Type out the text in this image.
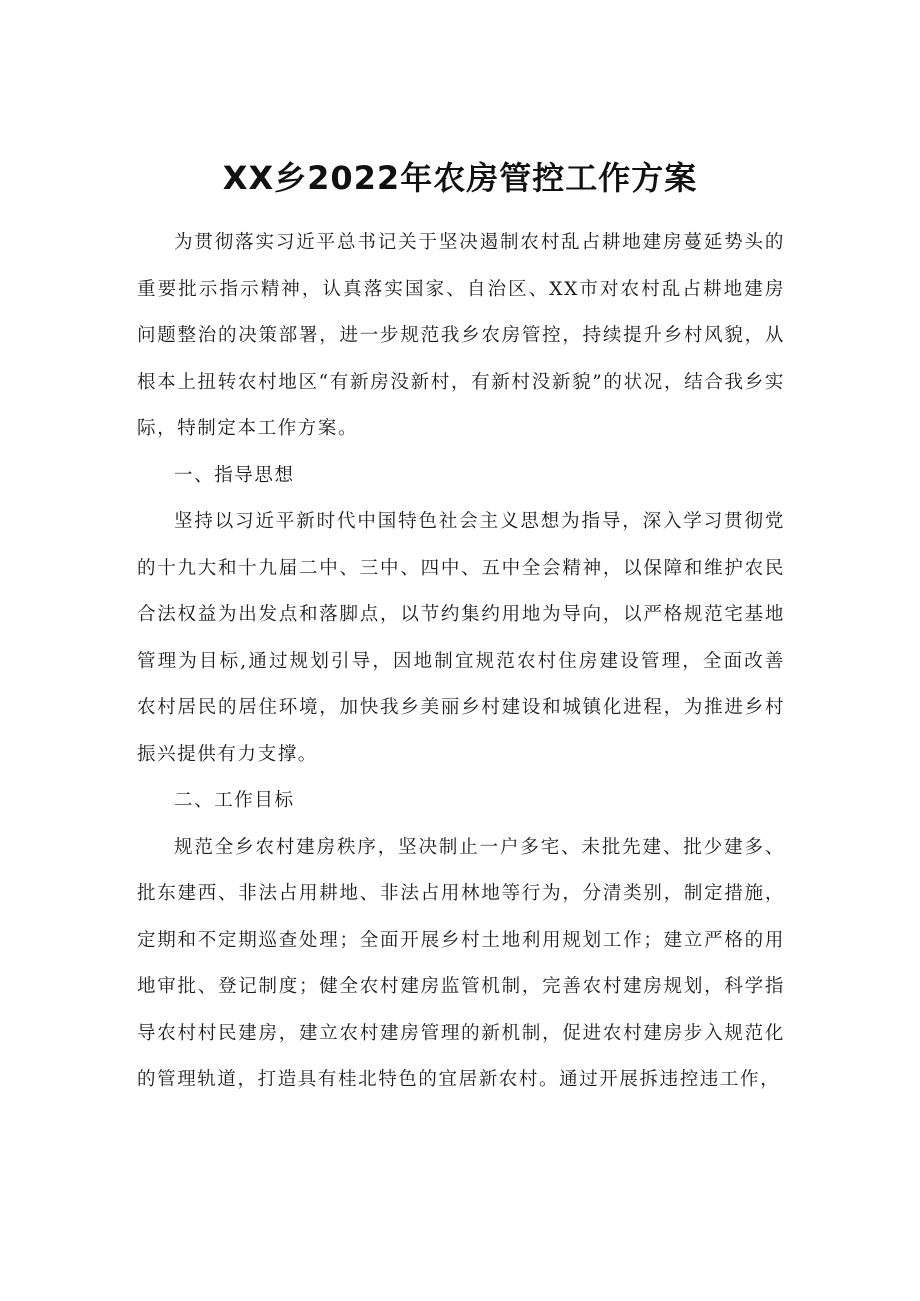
XX乡2022年农房管控工作方案

为贯彻落实习近平总书记关于坚决遏制农村乱占耕地建房蔓延势头的重要批示指示精神，认真落实国家、自治区、XX市对农村乱占耕地建房问题整治的决策部署，进一步规范我乡农房管控，持续提升乡村风貌，从根本上扭转农村地区“有新房没新村，有新村没新貌”的状况，结合我乡实际，特制定本工作方案。

一、指导思想

坚持以习近平新时代中国特色社会主义思想为指导，深入学习贯彻党的十九大和十九届二中、三中、四中、五中全会精神，以保障和维护农民合法权益为出发点和落脚点，以节约集约用地为导向，以严格规范宅基地管理为目标,通过规划引导，因地制宜规范农村住房建设管理，全面改善农村居民的居住环境，加快我乡美丽乡村建设和城镇化进程，为推进乡村振兴提供有力支撑。

二、工作目标

规范全乡农村建房秩序，坚决制止一户多宅、未批先建、批少建多、批东建西、非法占用耕地、非法占用林地等行为，分清类别，制定措施，定期和不定期巡查处理；全面开展乡村土地利用规划工作；建立严格的用地审批、登记制度；健全农村建房监管机制，完善农村建房规划，科学指导农村村民建房，建立农村建房管理的新机制，促进农村建房步入规范化的管理轨道，打造具有桂北特色的宜居新农村。通过开展拆违控违工作，
